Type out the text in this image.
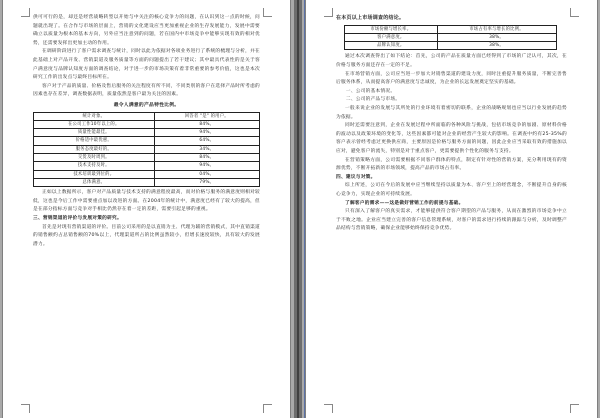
供可可行的是，却还是经营战略转型以开始与中关注的核心竞争力的问题，在认识到这一点的时候，问题就出现了。在合作与市场的层面上，营销的文化建设应当更加重视企业的生存发展能力，发展中需要确立以质量为根本的基本方向，另外应当注意到的问题，若在国内中市场竞争中能够实现有效的相对优势，还需要发挥出更加主动的作用。

在调研阶段进行了客户需求调查与统计，同时以此为依据对各项业务进行了系统的梳理与分析，并在此基础上对产品开发、营销渠道及服务质量等方面的问题提出了若干建议；其中最具代表性的是关于客户满意度与品牌认知度方面的调查结论，对于进一步的市场决策有着非常重要的参考价值，这也是本次研究工作的出发点与最终目标所在。

客户对于产品的质量、价格及售后服务的关注程度有所不同，不同类别的客户在选择产品时所考虑的因素也存在差异，调查数据表明，质量依然是客户最为关注的因素。

最令人满意的产品特性比例。
统计对象。	回答者 "是" 的用户。
在公司工作10年以上的。	84%。
质量性能最佳。	94%。
价格适中最优惠。	64%。
服务态度最好的。	34%。
交货及时周到。	84%。
技术支持及时。	94%。
技术培训最到位的。	04%。
总体满意。	79%。

正如以上数据所示，客户对产品质量与技术支持的满意程度最高，而对价格与服务的满意度则相对较低，这也是今后工作中需要重点加以改进的方面。在2004年的统计中，满意度已经有了较大的提高，但是在部分指标方面与竞争对手相比仍然存在着一定的差距，需要引起足够的重视。

三、营销渠道的评价与发展对策的研究。

首先是对现有营销渠道的评价。目前公司采用的是以直销为主、代理为辅的营销模式，其中直销渠道的销售额约占总销售额的70%以上，代理渠道所占的比例虽然较小，但增长速度较快，具有较大的发展潜力。

在本页以上市场调查的结论。
市场份额与增长率。	市场占有率与增长的比例。
客户满意度。	38%。
品牌认知度。	38%。

通过本次调查得出了如下结论：首先，公司的产品在质量方面已经得到了市场的广泛认可，其次，在价格与服务方面还存在一定的不足。

在市场营销方面，公司应当进一步加大对销售渠道的建设力度，同时注重提升服务质量，不断完善售后服务体系，从而提高客户的满意度与忠诚度，为企业的长远发展奠定坚实的基础。

　　一、公司的基本情况。

　　二、公司的产品与市场。

一般来说企业的发展与其所处的行业环境有着密切的联系，企业的战略规划也应当以行业发展的趋势为依据。

同时还需要注意到，企业在发展过程中所面临的各种风险与挑战，包括市场竞争的加剧、原材料价格的波动以及政策环境的变化等，这些因素都可能对企业的经营产生较大的影响。在调查中约有25-35%的客户表示曾经考虑过更换供应商，主要原因是价格与服务方面的问题，因此企业应当采取有效的措施加以应对，避免客户的流失，特别是对于重点客户，更需要提供个性化的服务与支持。

在营销策略方面，公司需要根据不同客户群体的特点，制定有针对性的营销方案，充分利用现有的资源优势，不断开拓新的市场领域，提高产品的市场占有率。

四、建议与对策。

综上所述，公司在今后的发展中应当继续坚持以质量为本、客户至上的经营理念，不断提升自身的核心竞争力，实现企业的可持续发展。

了解客户的需求——这是做好营销工作的前提与基础。

只有深入了解客户的真实需求，才能够提供符合客户期望的产品与服务，从而在激烈的市场竞争中立于不败之地。企业应当建立完善的客户信息管理系统，对客户的需求进行持续的跟踪与分析，及时调整产品结构与营销策略，确保企业能够始终保持竞争优势。
